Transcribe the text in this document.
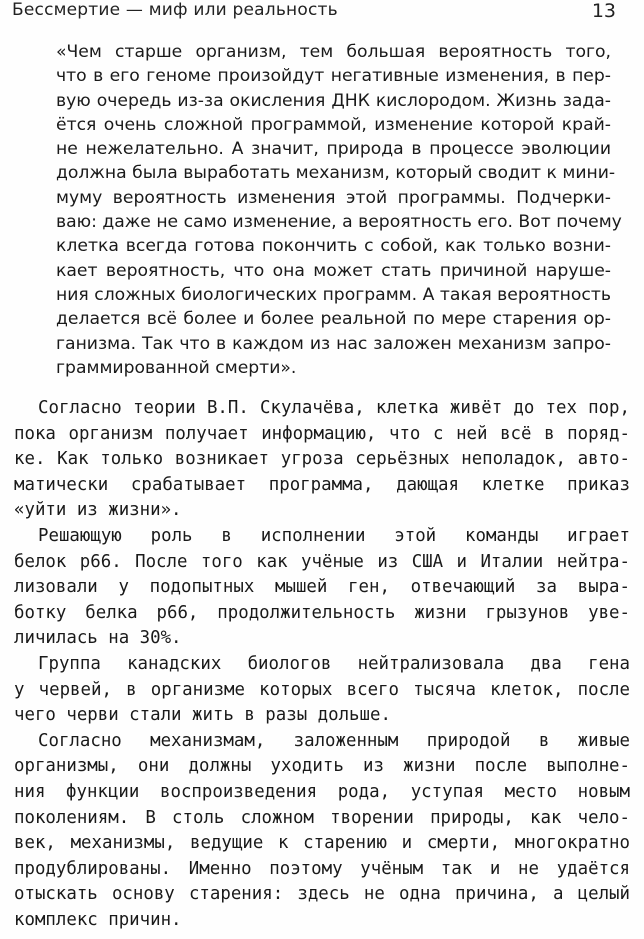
Бессмертие — миф или реальность	13
«Чем старше организм, тем большая вероятность того,
что в его геноме произойдут негативные изменения, в пер-
вую очередь из-за окисления ДНК кислородом. Жизнь зада-
ётся очень сложной программой, изменение которой край-
не нежелательно. А значит, природа в процессе эволюции
должна была выработать механизм, который сводит к мини-
муму вероятность изменения этой программы. Подчерки-
ваю: даже не само изменение, а вероятность его. Вот почему
клетка всегда готова покончить с собой, как только возни-
кает вероятность, что она может стать причиной наруше-
ния сложных биологических программ. А такая вероятность
делается всё более и более реальной по мере старения ор-
ганизма. Так что в каждом из нас заложен механизм запро-
граммированной смерти».
Согласно теории В.П. Скулачёва, клетка живёт до тех пор,
пока организм получает информацию, что с ней всё в поряд-
ке. Как только возникает угроза серьёзных неполадок, авто-
матически срабатывает программа, дающая клетке приказ
«уйти из жизни».
Решающую роль в исполнении этой команды играет
белок р66. После того как учёные из США и Италии нейтра-
лизовали у подопытных мышей ген, отвечающий за выра-
ботку белка р66, продолжительность жизни грызунов уве-
личилась на 30%.
Группа канадских биологов нейтрализовала два гена
у червей, в организме которых всего тысяча клеток, после
чего черви стали жить в разы дольше.
Согласно механизмам, заложенным природой в живые
организмы, они должны уходить из жизни после выполне-
ния функции воспроизведения рода, уступая место новым
поколениям. В столь сложном творении природы, как чело-
век, механизмы, ведущие к старению и смерти, многократно
продублированы. Именно поэтому учёным так и не удаётся
отыскать основу старения: здесь не одна причина, а целый
комплекс причин.
